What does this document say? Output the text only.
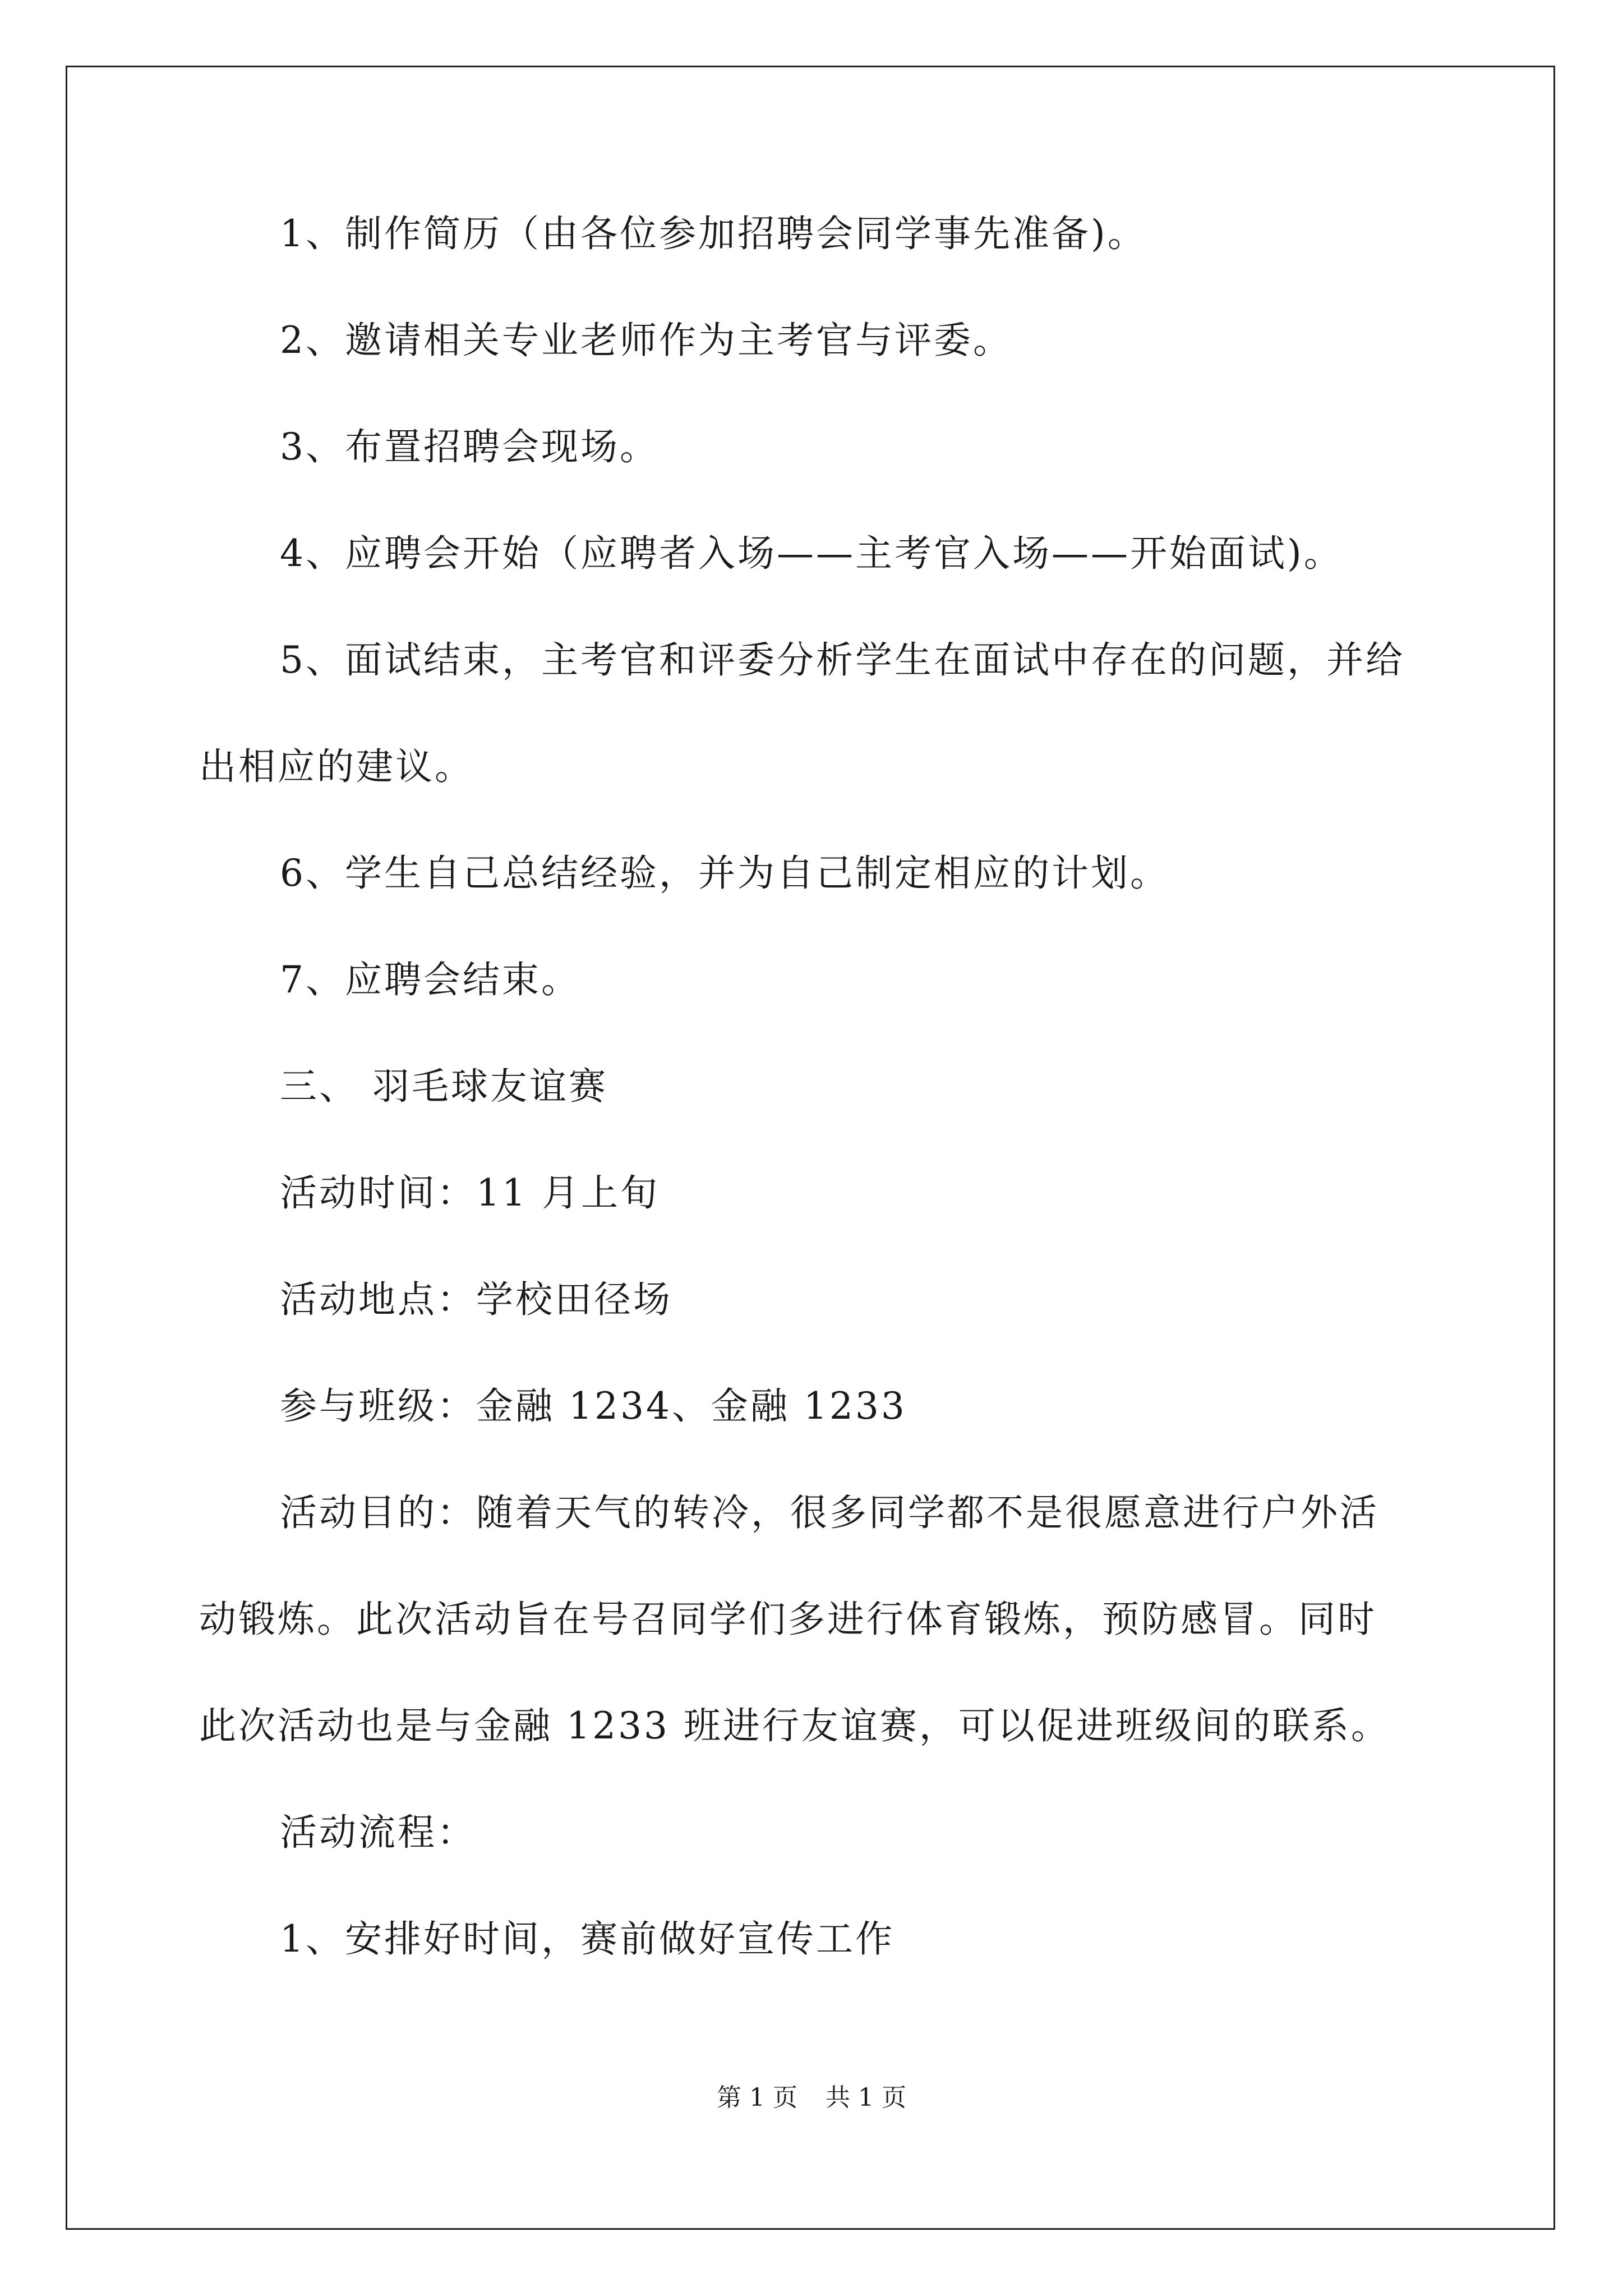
1、制作简历（由各位参加招聘会同学事先准备)。

2、邀请相关专业老师作为主考官与评委。

3、布置招聘会现场。

4、应聘会开始（应聘者入场——主考官入场——开始面试)。

5、面试结束，主考官和评委分析学生在面试中存在的问题，并给

出相应的建议。

6、学生自己总结经验，并为自己制定相应的计划。

7、应聘会结束。

三、 羽毛球友谊赛

活动时间：11 月上旬

活动地点：学校田径场

参与班级：金融 1234、金融 1233

活动目的：随着天气的转冷，很多同学都不是很愿意进行户外活

动锻炼。此次活动旨在号召同学们多进行体育锻炼，预防感冒。同时

此次活动也是与金融 1233 班进行友谊赛，可以促进班级间的联系。

活动流程：

1、安排好时间，赛前做好宣传工作

第 1 页 共 1 页
